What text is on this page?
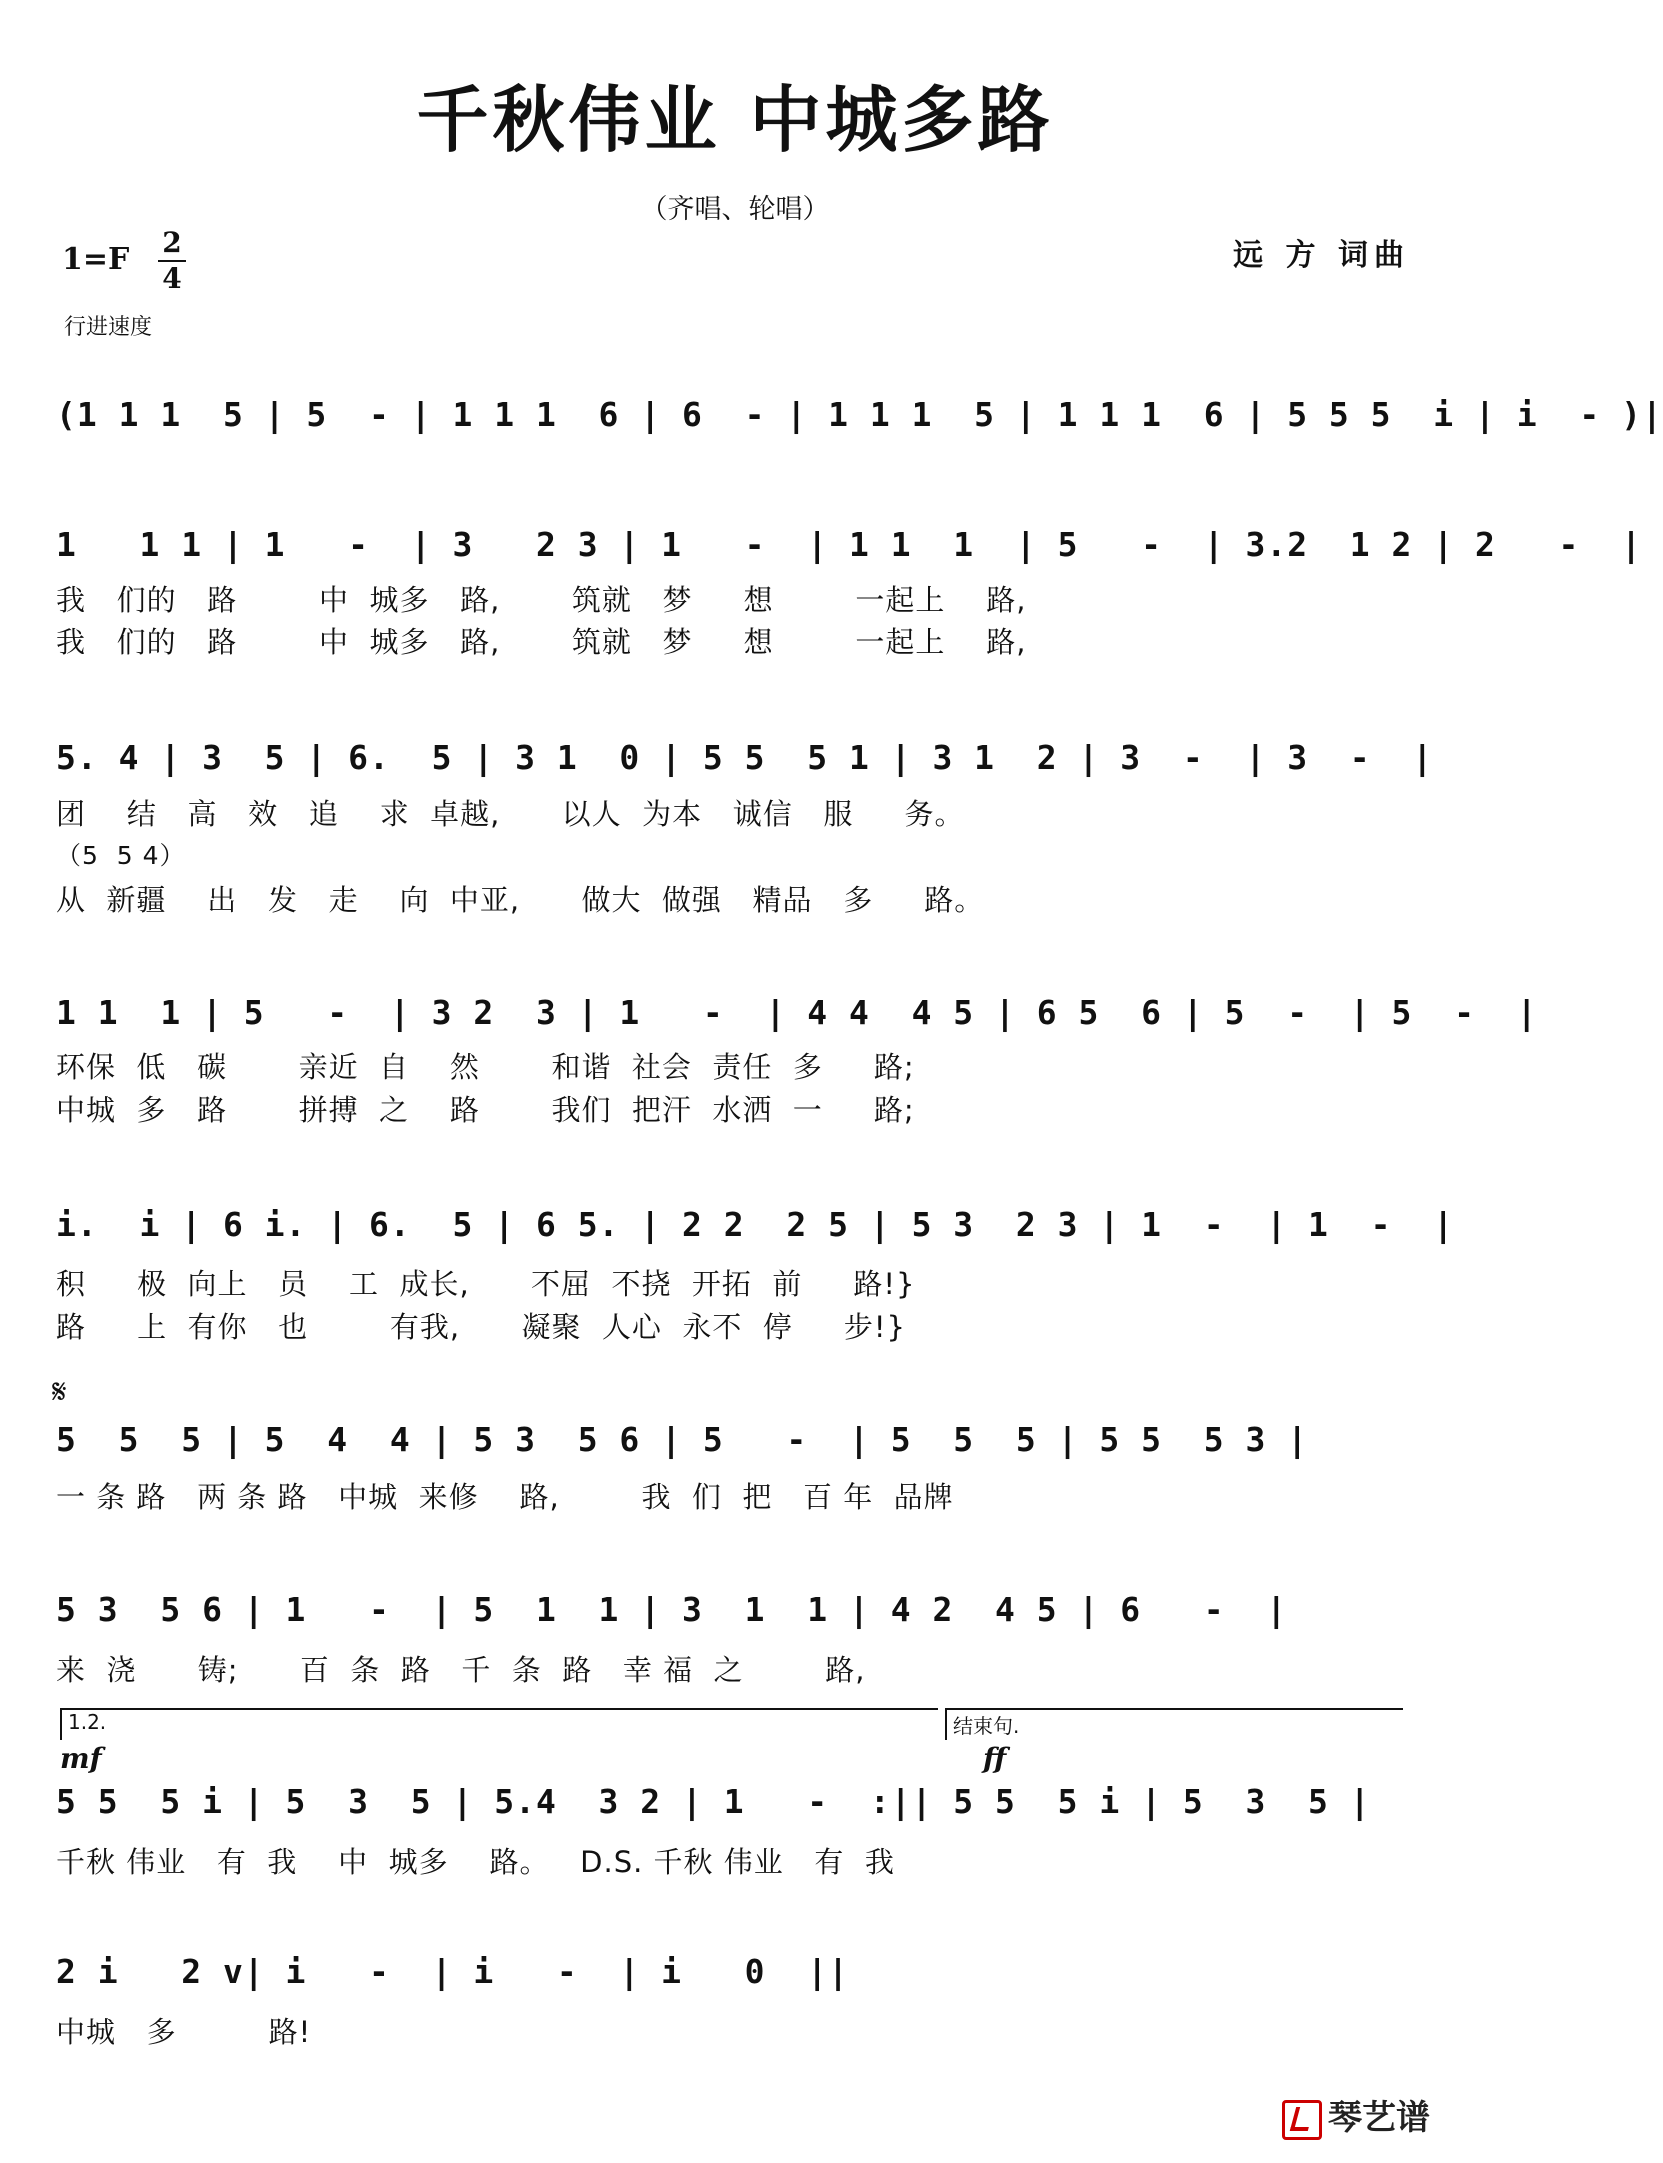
千秋伟业 中城多路
（齐唱、轮唱）
远 方 词曲
1=F 2
4
行进速度
(1 1 1  5 | 5  - | 1 1 1  6 | 6  - | 1 1 1  5 | 1 1 1  6 | 5 5 5  i | i  - )|
1   1 1 | 1   -  | 3   2 3 | 1   -  | 1 1  1  | 5   -  | 3.2  1 2 | 2   -  |
我   们的   路        中  城多   路,       筑就   梦     想        一起上    路,
我   们的   路        中  城多   路,       筑就   梦     想        一起上    路,
5. 4 | 3  5 | 6.  5 | 3 1  0 | 5 5  5 1 | 3 1  2 | 3  -  | 3  -  |
团    结   高   效   追    求  卓越,      以人  为本   诚信   服     务。
（5  5 4）
从  新疆    出   发   走    向  中亚,      做大  做强   精品   多     路。
1 1  1 | 5   -  | 3 2  3 | 1   -  | 4 4  4 5 | 6 5  6 | 5  -  | 5  -  |
环保  低   碳       亲近  自    然       和谐  社会  责任  多     路;
中城  多   路       拼搏  之    路       我们  把汗  水洒  一     路;
i.  i | 6 i. | 6.  5 | 6 5. | 2 2  2 5 | 5 3  2 3 | 1  -  | 1  -  |
积     极  向上   员    工  成长,      不屈  不挠  开拓  前     路!}
路     上  有你   也        有我,      凝聚  人心  永不  停     步!}
𝄋
5  5  5 | 5  4  4 | 5 3  5 6 | 5   -  | 5  5  5 | 5 5  5 3 |
一 条 路   两 条 路   中城  来修    路,        我  们  把   百 年  品牌
5 3  5 6 | 1   -  | 5  1  1 | 3  1  1 | 4 2  4 5 | 6   -  |
来  浇      铸;      百  条  路   千  条  路   幸 福  之        路,
1.2.	结束句.
mf	ff
5 5  5 i | 5  3  5 | 5.4  3 2 | 1   -  :|| 5 5  5 i | 5  3  5 |
千秋 伟业   有  我    中  城多    路。   D.S. 千秋 伟业   有  我
2 i   2 v| i   -  | i   -  | i   0  ||
中城   多         路!
琴艺谱
